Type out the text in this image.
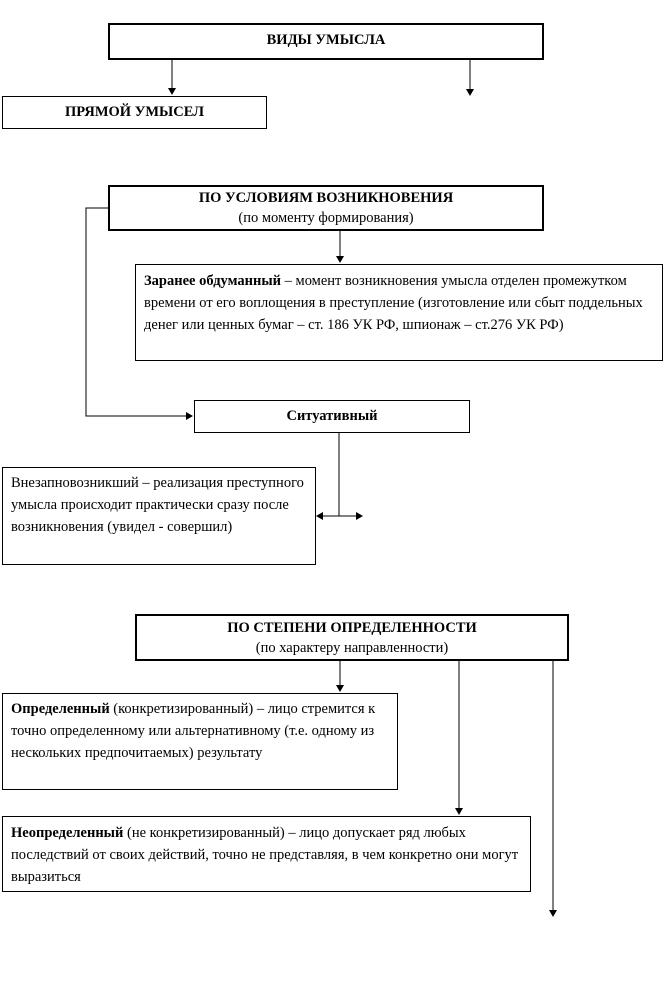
ВИДЫ УМЫСЛА
ПРЯМОЙ УМЫСЕЛ
ПО УСЛОВИЯМ ВОЗНИКНОВЕНИЯ
(по моменту формирования)
Заранее обдуманный – момент возникновения умысла отделен промежутком времени от его воплощения в преступление (изготовление или сбыт поддельных денег или ценных бумаг – ст. 186 УК РФ, шпионаж – ст.276 УК РФ)
Ситуативный
Внезапновозникший – реализация преступного умысла происходит практически сразу после возникновения (увидел - совершил)
ПО СТЕПЕНИ ОПРЕДЕЛЕННОСТИ
(по характеру направленности)
Определенный (конкретизированный) – лицо стремится к точно определенному или альтернативному (т.е. одному из нескольких предпочитаемых) результату
Неопределенный (не конкретизированный) – лицо допускает ряд любых последствий от своих действий, точно не представляя, в чем конкретно они могут выразиться
